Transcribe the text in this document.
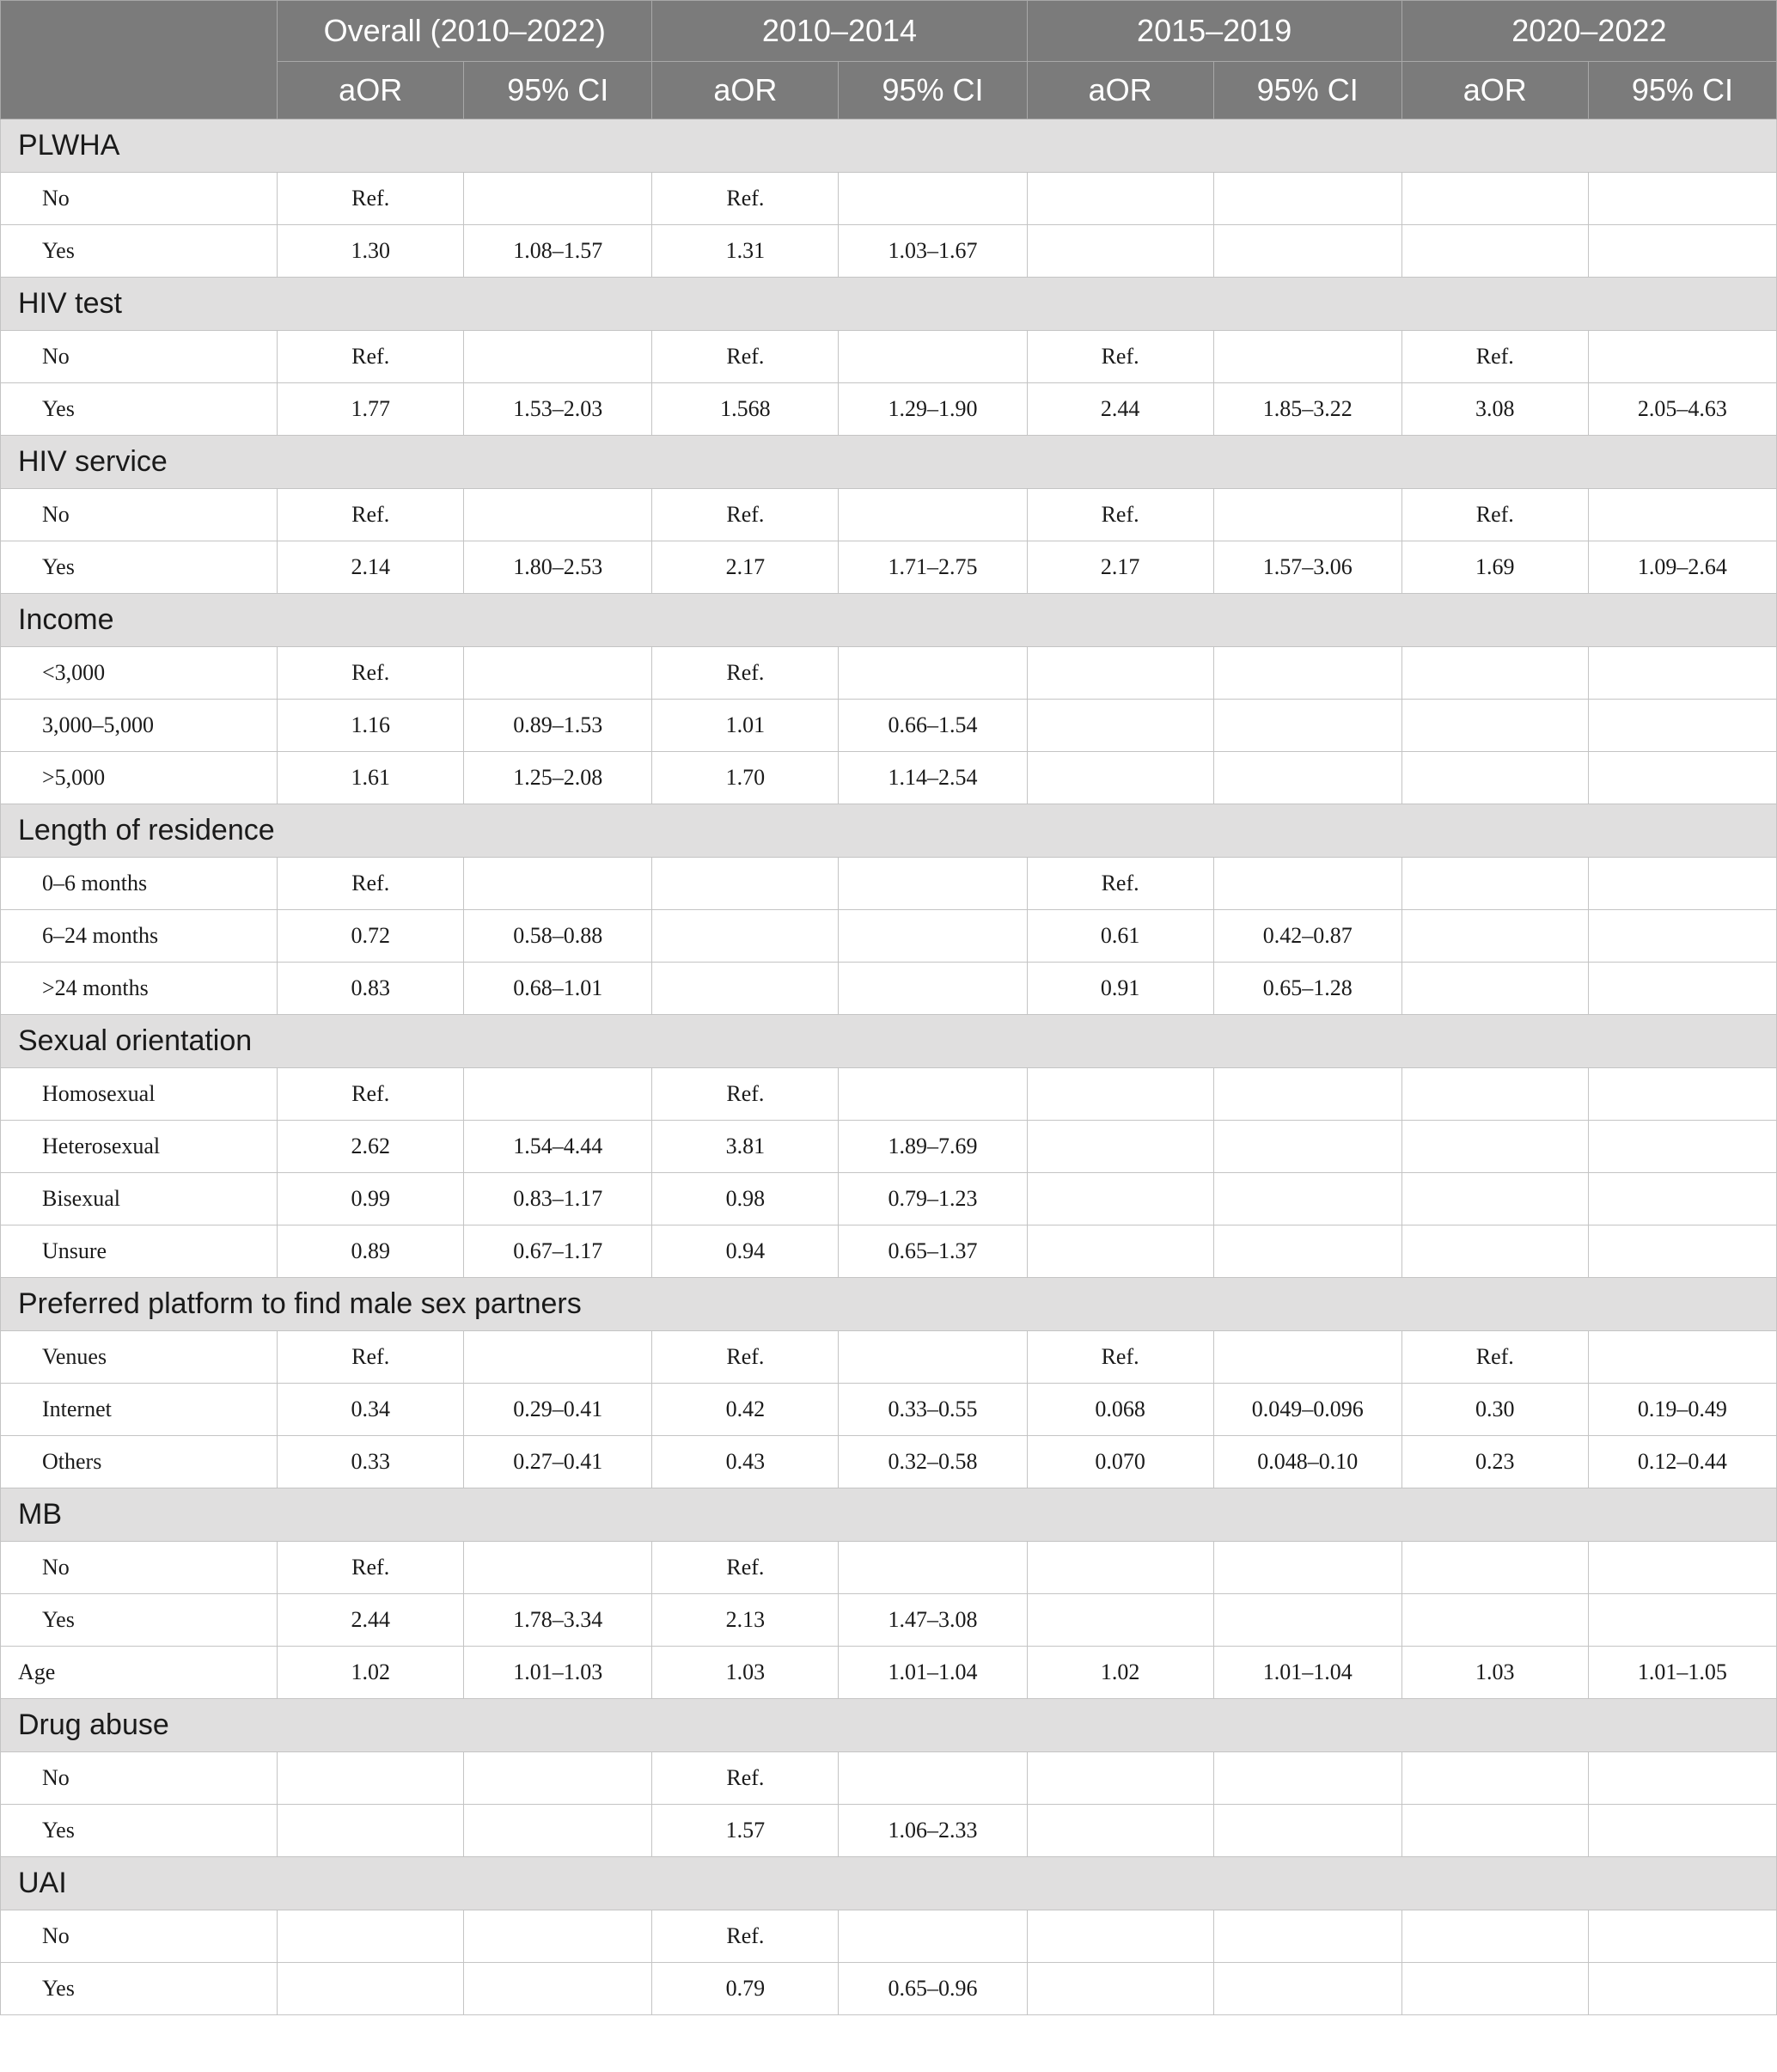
	Overall (2010–2022)		2010–2014		2015–2019		2020–2022	
	aOR	95% CI	aOR	95% CI	aOR	95% CI	aOR	95% CI
PLWHA								
No	Ref.		Ref.					
Yes	1.30	1.08–1.57	1.31	1.03–1.67				
HIV test								
No	Ref.		Ref.		Ref.		Ref.	
Yes	1.77	1.53–2.03	1.568	1.29–1.90	2.44	1.85–3.22	3.08	2.05–4.63
HIV service								
No	Ref.		Ref.		Ref.		Ref.	
Yes	2.14	1.80–2.53	2.17	1.71–2.75	2.17	1.57–3.06	1.69	1.09–2.64
Income								
<3,000	Ref.		Ref.					
3,000–5,000	1.16	0.89–1.53	1.01	0.66–1.54				
>5,000	1.61	1.25–2.08	1.70	1.14–2.54				
Length of residence								
0–6 months	Ref.				Ref.			
6–24 months	0.72	0.58–0.88			0.61	0.42–0.87		
>24 months	0.83	0.68–1.01			0.91	0.65–1.28		
Sexual orientation								
Homosexual	Ref.		Ref.					
Heterosexual	2.62	1.54–4.44	3.81	1.89–7.69				
Bisexual	0.99	0.83–1.17	0.98	0.79–1.23				
Unsure	0.89	0.67–1.17	0.94	0.65–1.37				
Preferred platform to find male sex partners								
Venues	Ref.		Ref.		Ref.		Ref.	
Internet	0.34	0.29–0.41	0.42	0.33–0.55	0.068	0.049–0.096	0.30	0.19–0.49
Others	0.33	0.27–0.41	0.43	0.32–0.58	0.070	0.048–0.10	0.23	0.12–0.44
MB								
No	Ref.		Ref.					
Yes	2.44	1.78–3.34	2.13	1.47–3.08				
Age	1.02	1.01–1.03	1.03	1.01–1.04	1.02	1.01–1.04	1.03	1.01–1.05
Drug abuse								
No			Ref.					
Yes			1.57	1.06–2.33				
UAI								
No			Ref.					
Yes			0.79	0.65–0.96				
